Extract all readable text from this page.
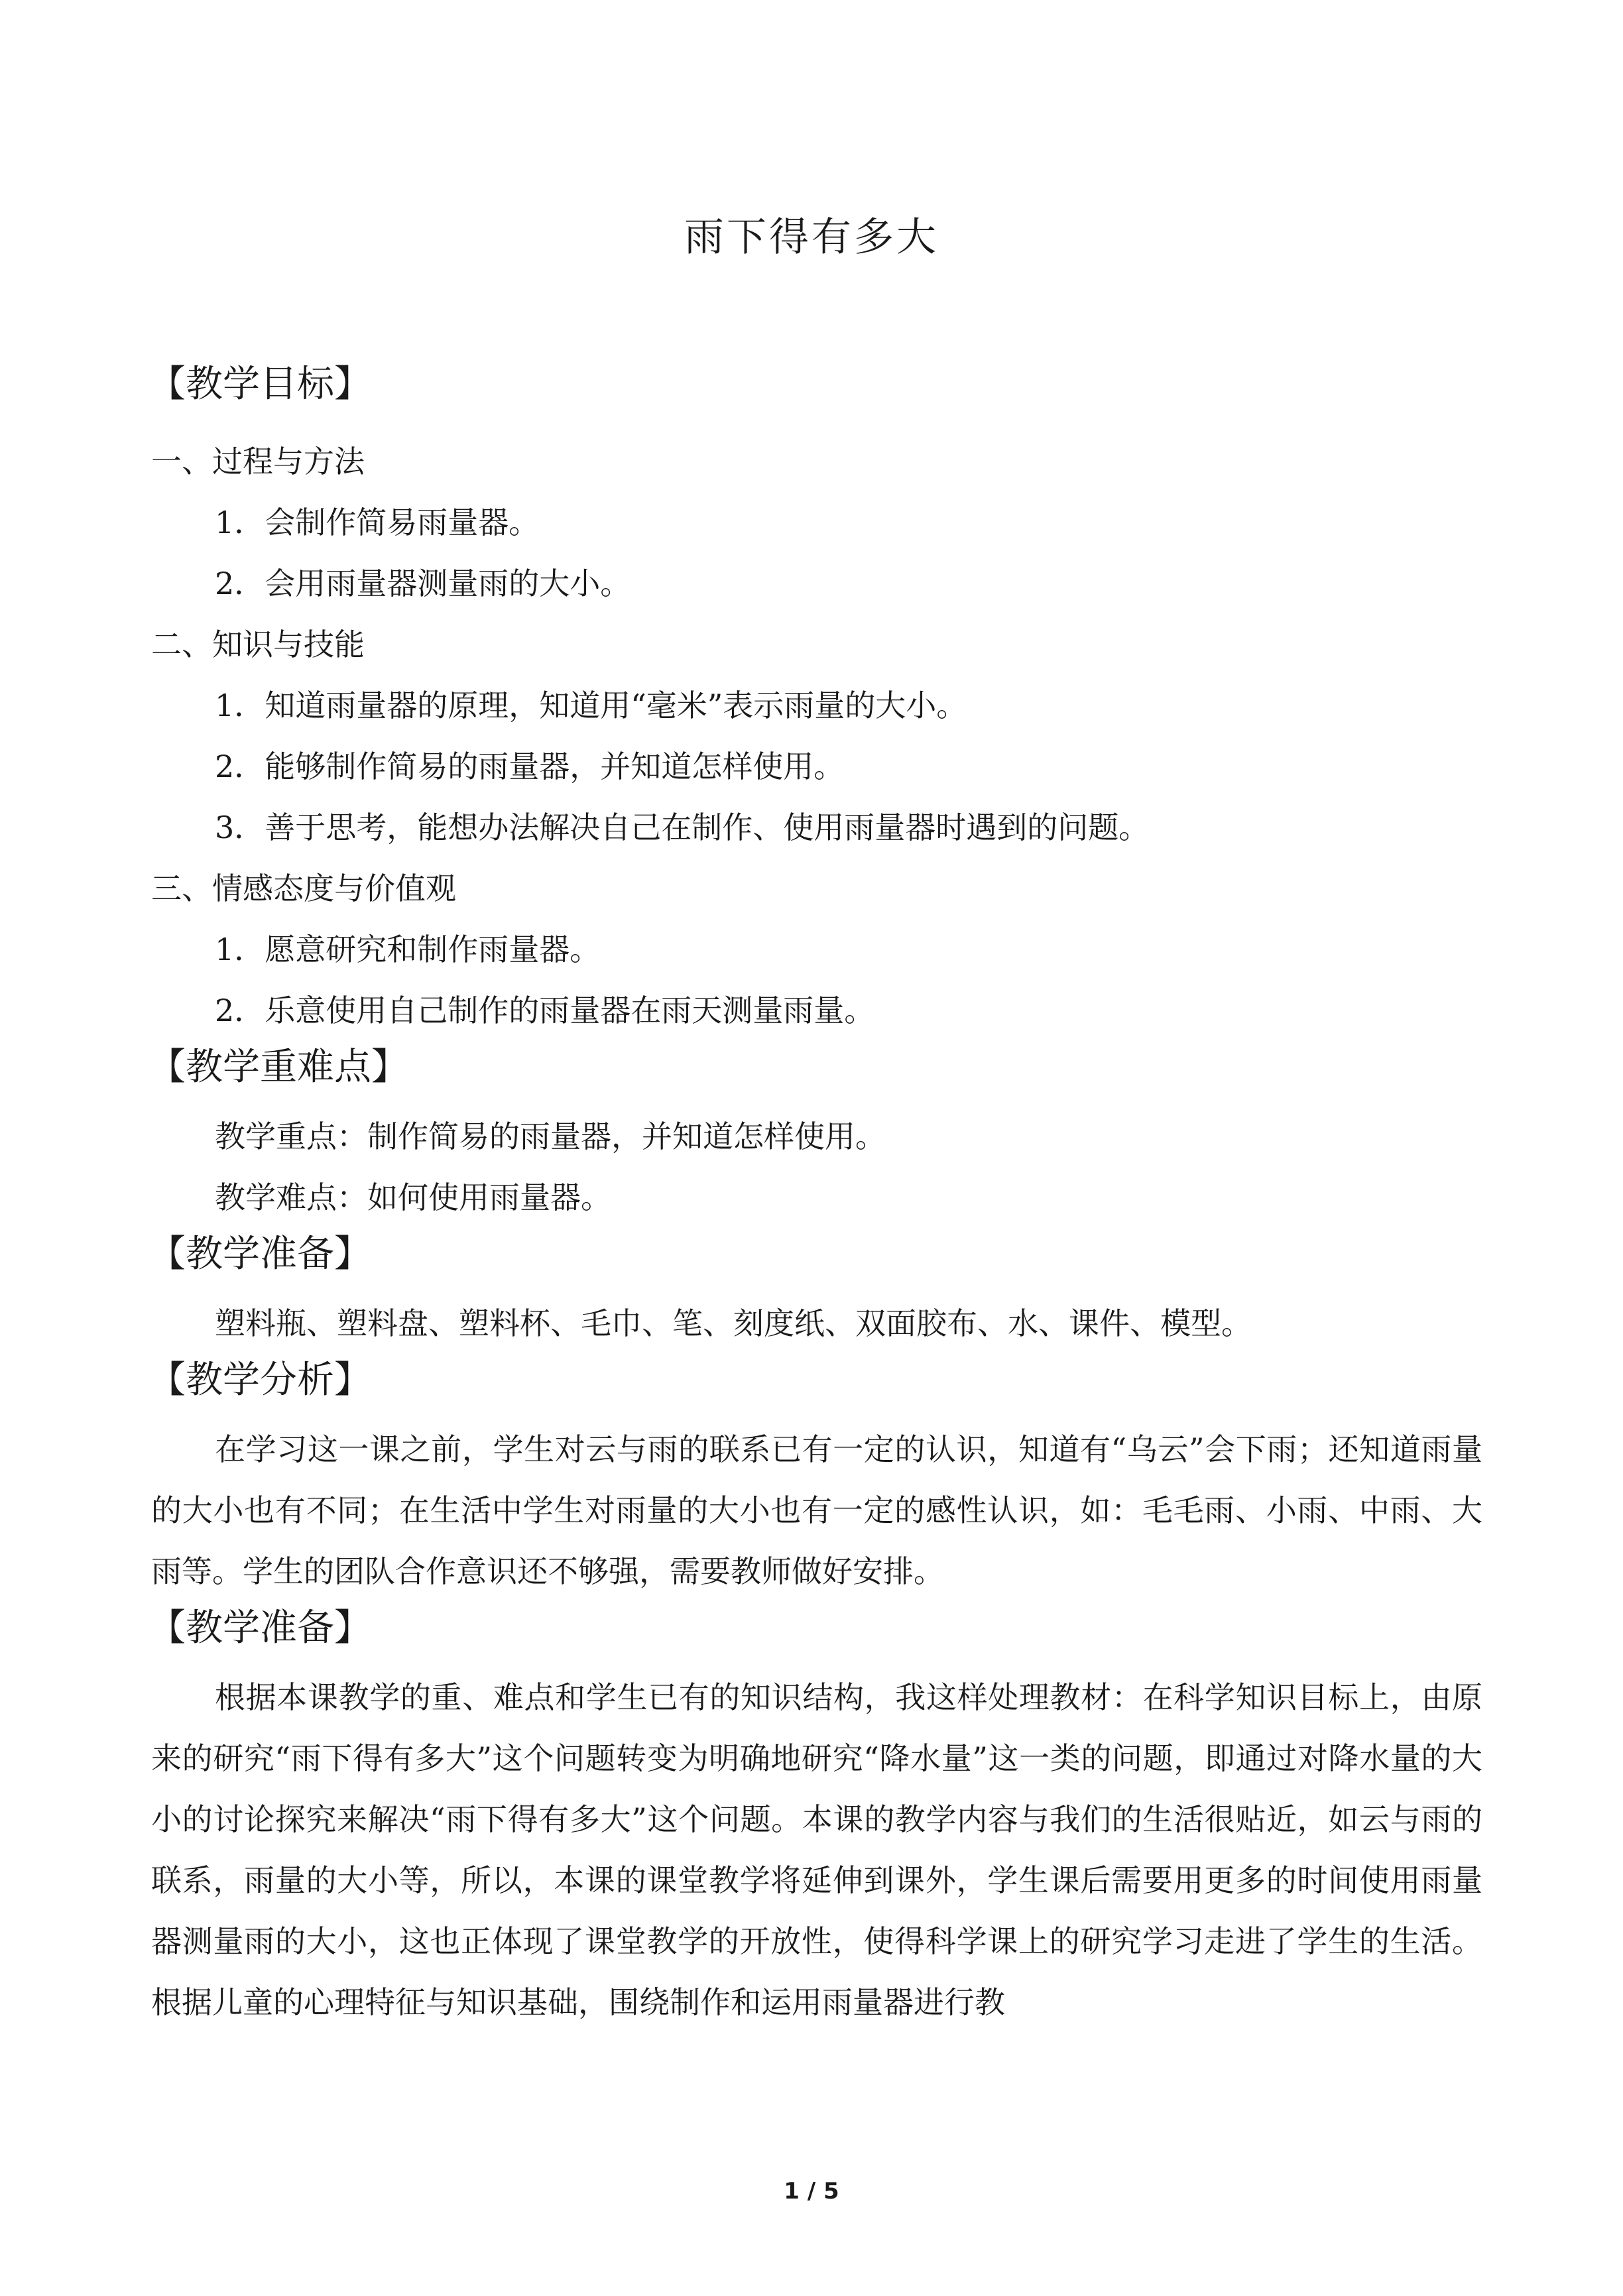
雨下得有多大
【教学目标】
一、过程与方法
1．会制作简易雨量器。
2．会用雨量器测量雨的大小。
二、知识与技能
1．知道雨量器的原理，知道用“毫米”表示雨量的大小。
2．能够制作简易的雨量器，并知道怎样使用。
3．善于思考，能想办法解决自己在制作、使用雨量器时遇到的问题。
三、情感态度与价值观
1．愿意研究和制作雨量器。
2．乐意使用自己制作的雨量器在雨天测量雨量。
【教学重难点】
教学重点：制作简易的雨量器，并知道怎样使用。
教学难点：如何使用雨量器。
【教学准备】
塑料瓶、塑料盘、塑料杯、毛巾、笔、刻度纸、双面胶布、水、课件、模型。
【教学分析】
在学习这一课之前，学生对云与雨的联系已有一定的认识，知道有“乌云”会下雨；还知道雨量的大小也有不同；在生活中学生对雨量的大小也有一定的感性认识，如：毛毛雨、小雨、中雨、大雨等。学生的团队合作意识还不够强，需要教师做好安排。
【教学准备】
根据本课教学的重、难点和学生已有的知识结构，我这样处理教材：在科学知识目标上，由原来的研究“雨下得有多大”这个问题转变为明确地研究“降水量”这一类的问题，即通过对降水量的大小的讨论探究来解决“雨下得有多大”这个问题。本课的教学内容与我们的生活很贴近，如云与雨的联系，雨量的大小等，所以，本课的课堂教学将延伸到课外，学生课后需要用更多的时间使用雨量器测量雨的大小，这也正体现了课堂教学的开放性，使得科学课上的研究学习走进了学生的生活。根据儿童的心理特征与知识基础，围绕制作和运用雨量器进行教
1 / 5
